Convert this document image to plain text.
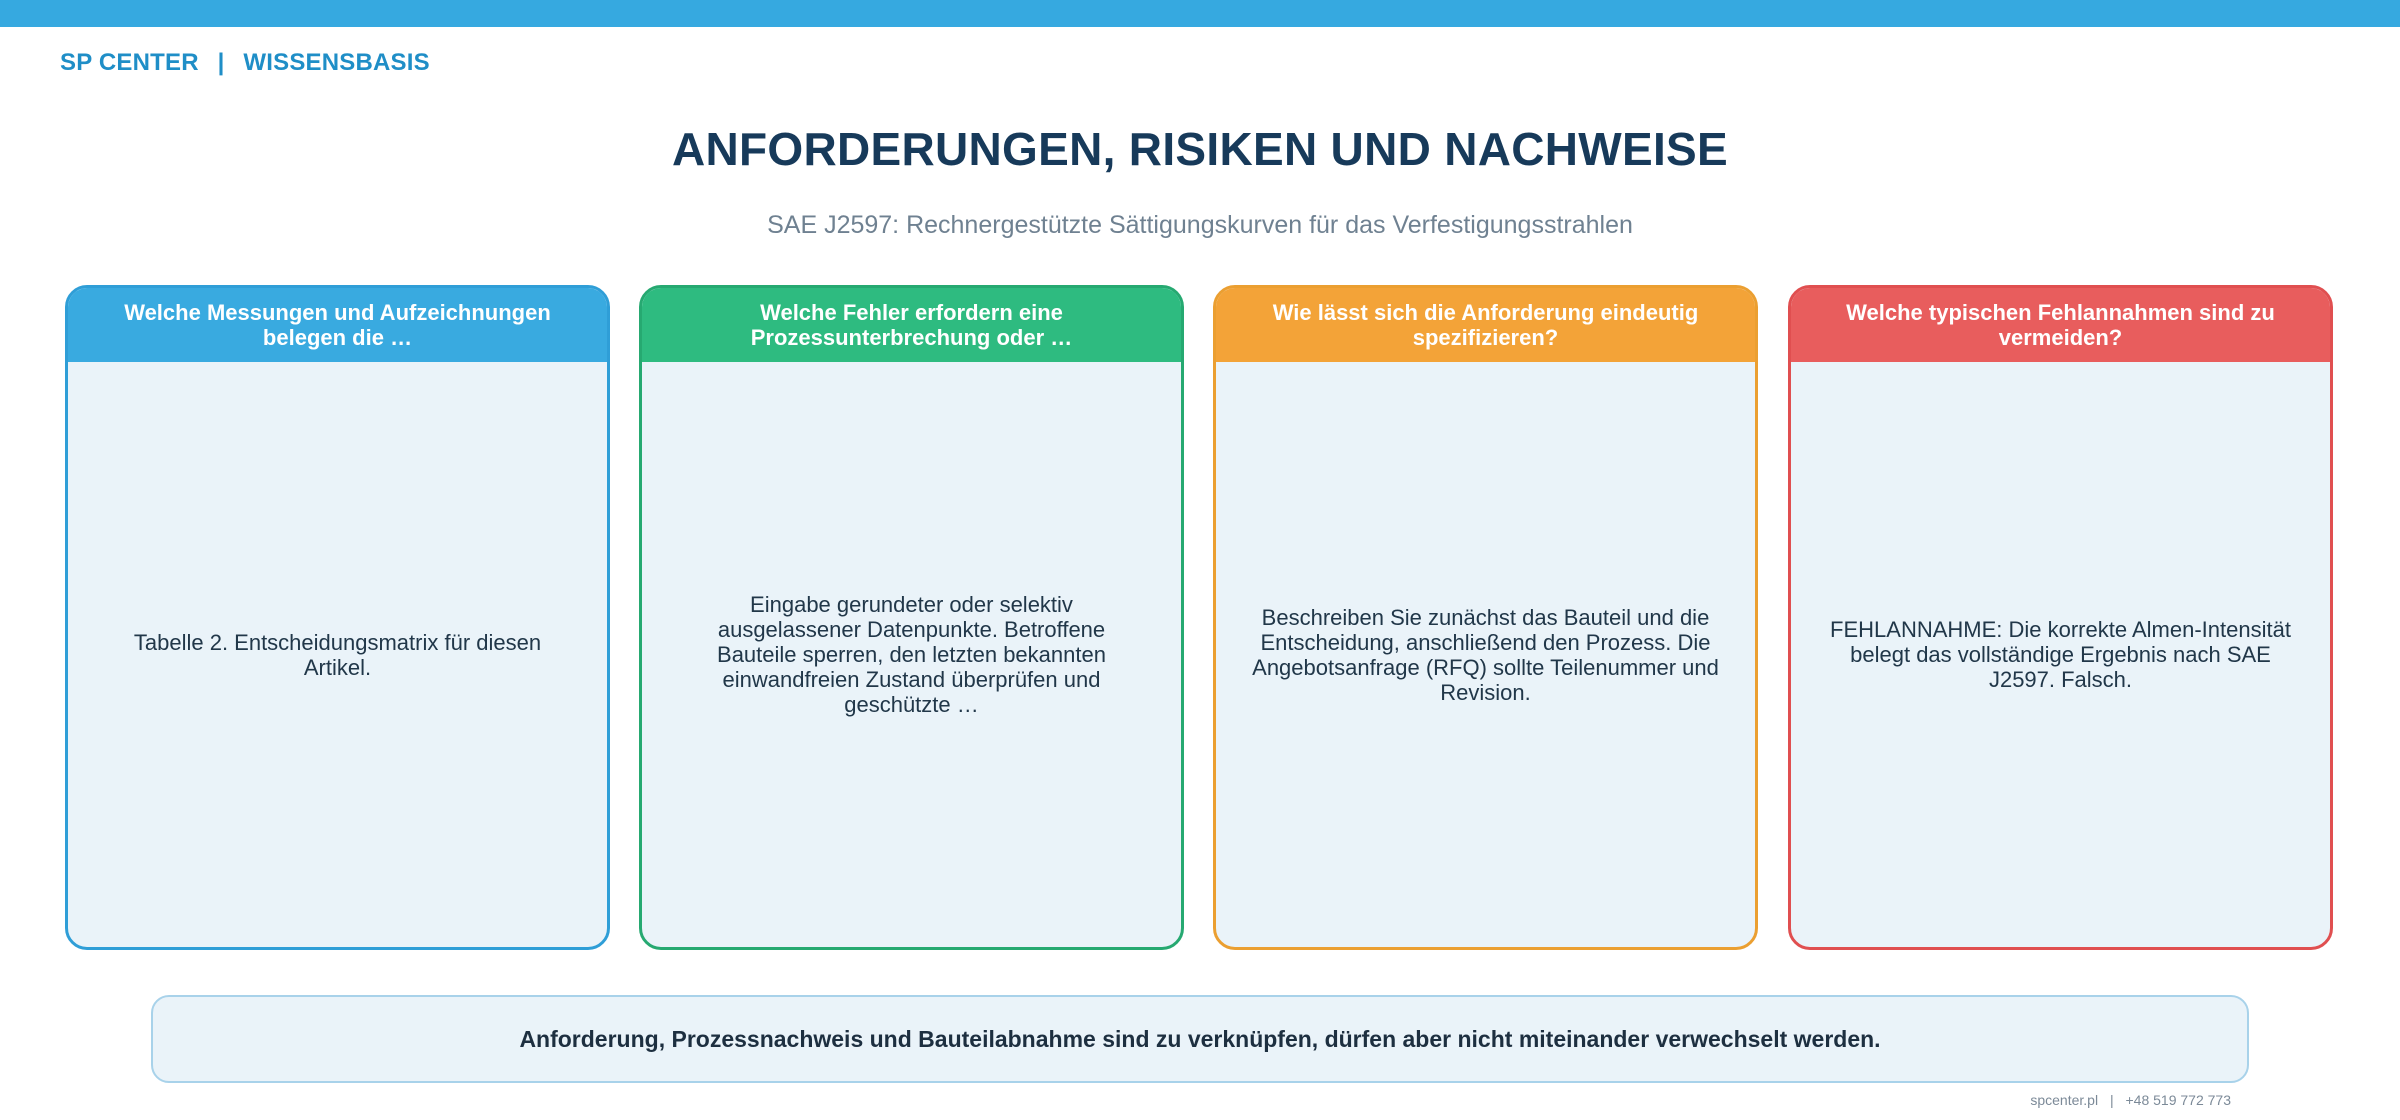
SP CENTER | WISSENSBASIS
ANFORDERUNGEN, RISIKEN UND NACHWEISE
SAE J2597: Rechnergestützte Sättigungskurven für das Verfestigungsstrahlen
Welche Messungen und Aufzeichnungen belegen die …
Tabelle 2. Entscheidungsmatrix für diesen Artikel.
Welche Fehler erfordern eine Prozessunterbrechung oder …
Eingabe gerundeter oder selektiv ausgelassener Datenpunkte. Betroffene Bauteile sperren, den letzten bekannten einwandfreien Zustand überprüfen und geschützte …
Wie lässt sich die Anforderung eindeutig spezifizieren?
Beschreiben Sie zunächst das Bauteil und die Entscheidung, anschließend den Prozess. Die Angebotsanfrage (RFQ) sollte Teilenummer und Revision.
Welche typischen Fehlannahmen sind zu vermeiden?
FEHLANNAHME: Die korrekte Almen-Intensität belegt das vollständige Ergebnis nach SAE J2597. Falsch.
Anforderung, Prozessnachweis und Bauteilabnahme sind zu verknüpfen, dürfen aber nicht miteinander verwechselt werden.
spcenter.pl | +48 519 772 773
